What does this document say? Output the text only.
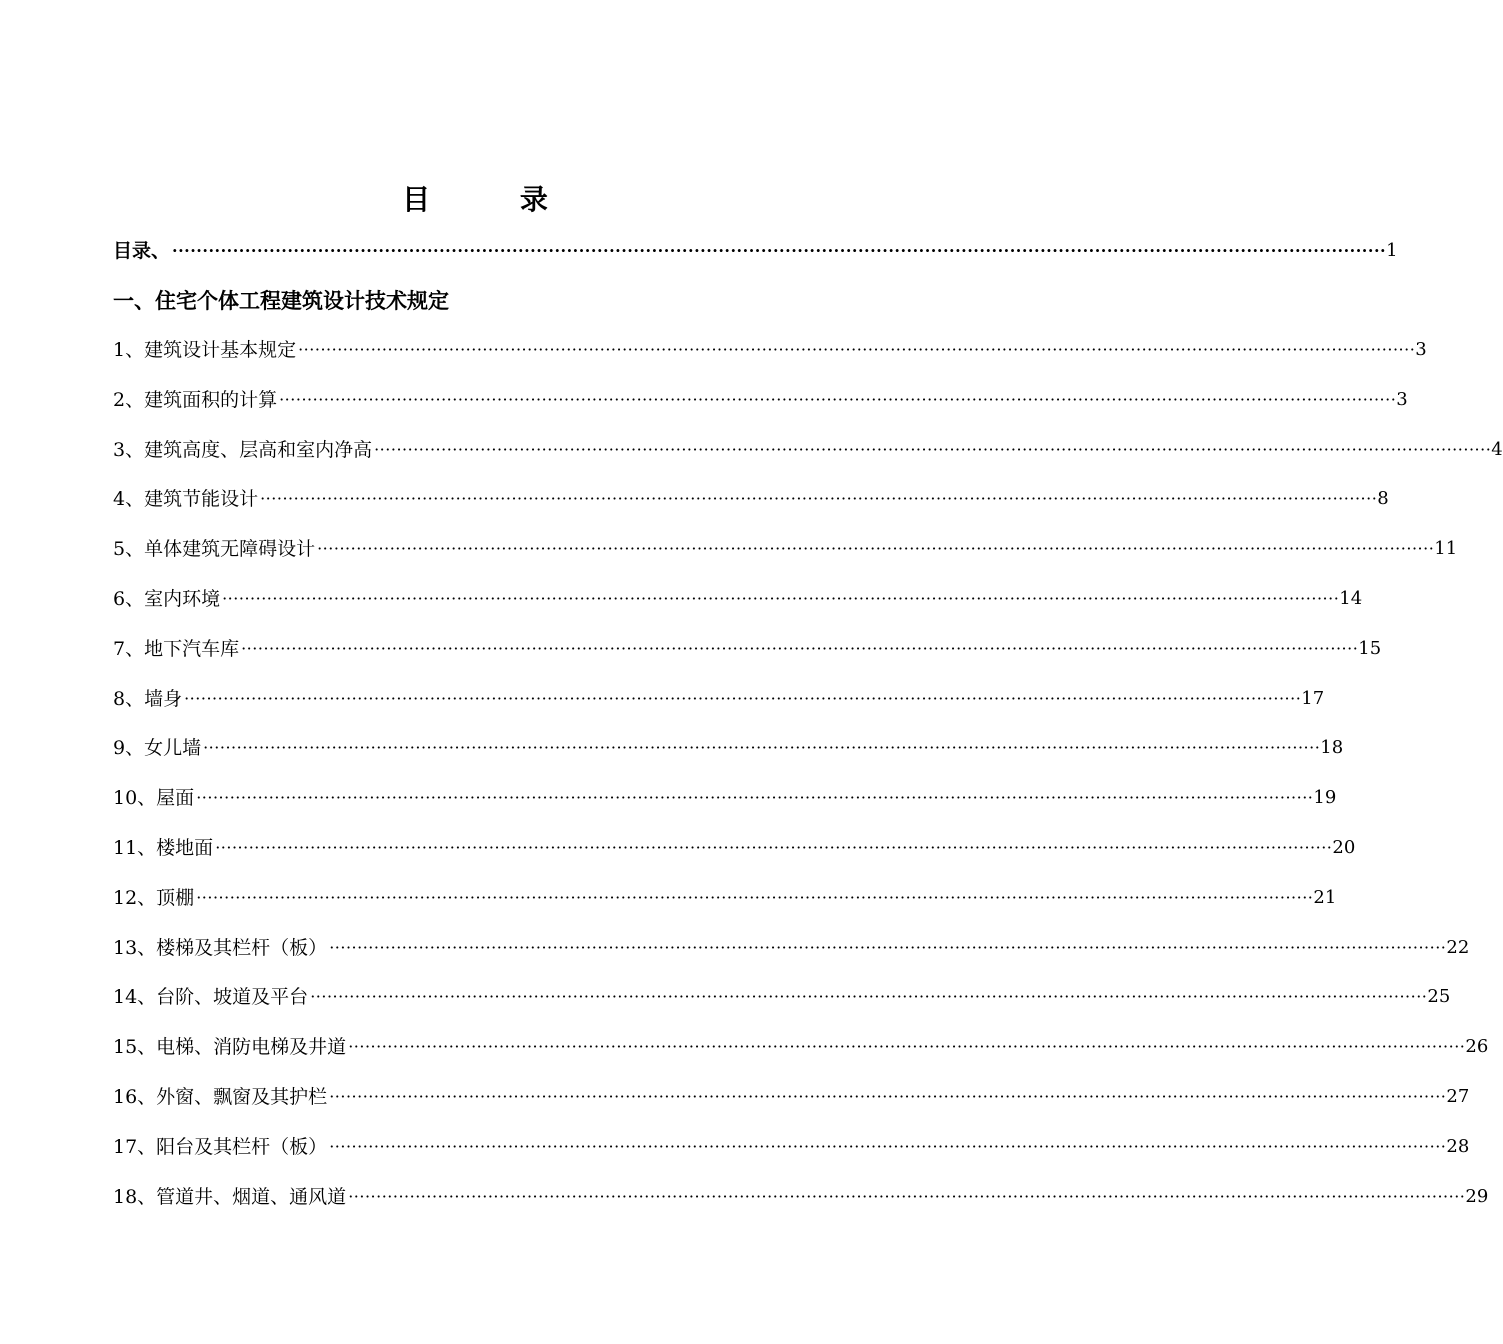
目 录
目录、 ········································································································································································································ 1
一、住宅个体工程建筑设计技术规定
1、建筑设计基本规定 ········································································································································································································ 3
2、建筑面积的计算 ········································································································································································································ 3
3、建筑高度、层高和室内净高 ········································································································································································································ 4
4、建筑节能设计 ········································································································································································································ 8
5、单体建筑无障碍设计 ········································································································································································································ 11
6、室内环境 ········································································································································································································ 14
7、地下汽车库 ········································································································································································································ 15
8、墙身 ········································································································································································································ 17
9、女儿墙 ········································································································································································································ 18
10、屋面 ········································································································································································································ 19
11、楼地面 ········································································································································································································ 20
12、顶棚 ········································································································································································································ 21
13、楼梯及其栏杆（板） ········································································································································································································ 22
14、台阶、坡道及平台 ········································································································································································································ 25
15、电梯、消防电梯及井道 ········································································································································································································ 26
16、外窗、飘窗及其护栏 ········································································································································································································ 27
17、阳台及其栏杆（板） ········································································································································································································ 28
18、管道井、烟道、通风道 ········································································································································································································ 29
